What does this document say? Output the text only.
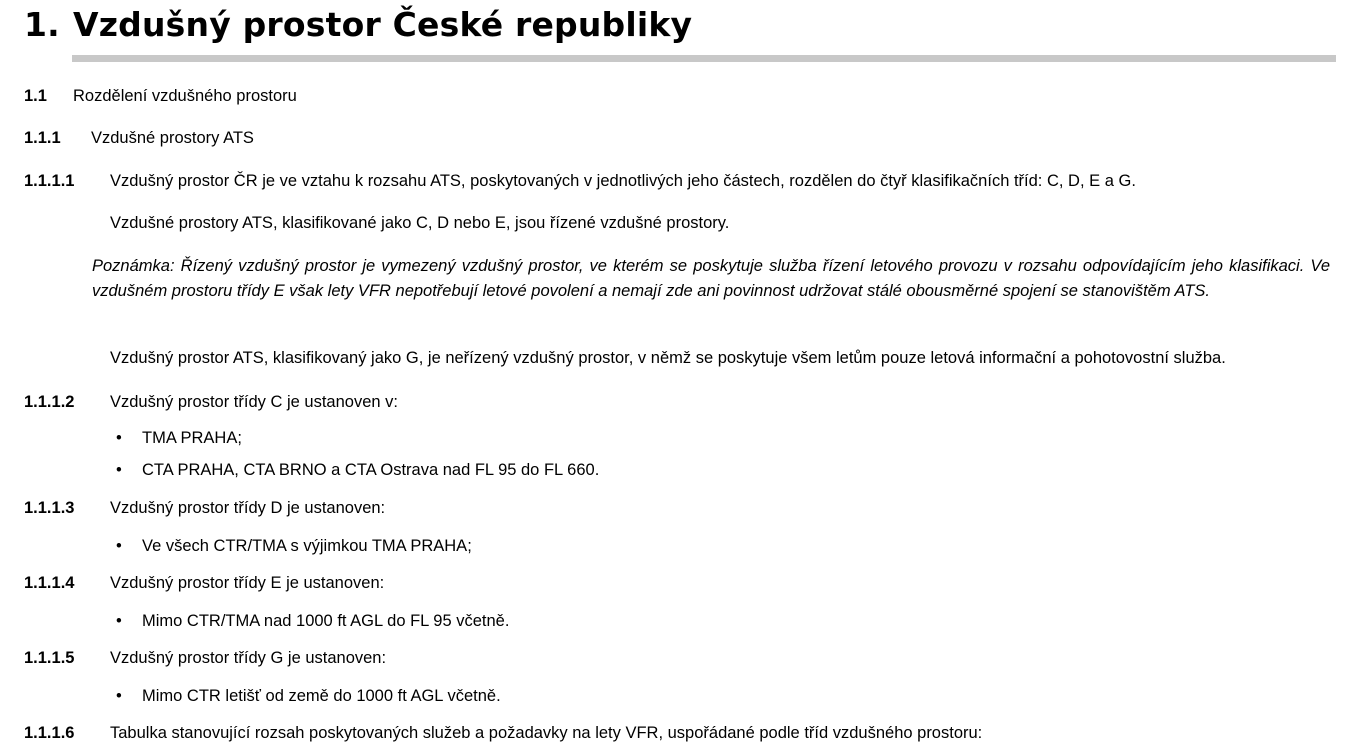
1. Vzdušný prostor České republiky
1.1 Rozdělení vzdušného prostoru
1.1.1 Vzdušné prostory ATS
1.1.1.1 Vzdušný prostor ČR je ve vztahu k rozsahu ATS, poskytovaných v jednotlivých jeho částech, rozdělen do čtyř klasifikačních tříd: C, D, E a G.
Vzdušné prostory ATS, klasifikované jako C, D nebo E, jsou řízené vzdušné prostory.
Poznámka: Řízený vzdušný prostor je vymezený vzdušný prostor, ve kterém se poskytuje služba řízení letového provozu v rozsahu odpovídajícím jeho klasifikaci. Ve vzdušném prostoru třídy E však lety VFR nepotřebují letové povolení a nemají zde ani povinnost udržovat stálé obousměrné spojení se stanovištěm ATS.
Vzdušný prostor ATS, klasifikovaný jako G, je neřízený vzdušný prostor, v němž se poskytuje všem letům pouze letová informační a pohotovostní služba.
1.1.1.2 Vzdušný prostor třídy C je ustanoven v:
• TMA PRAHA;
• CTA PRAHA, CTA BRNO a CTA Ostrava nad FL 95 do FL 660.
1.1.1.3 Vzdušný prostor třídy D je ustanoven:
• Ve všech CTR/TMA s výjimkou TMA PRAHA;
1.1.1.4 Vzdušný prostor třídy E je ustanoven:
• Mimo CTR/TMA nad 1000 ft AGL do FL 95 včetně.
1.1.1.5 Vzdušný prostor třídy G je ustanoven:
• Mimo CTR letišť od země do 1000 ft AGL včetně.
1.1.1.6 Tabulka stanovující rozsah poskytovaných služeb a požadavky na lety VFR, uspořádané podle tříd vzdušného prostoru:
